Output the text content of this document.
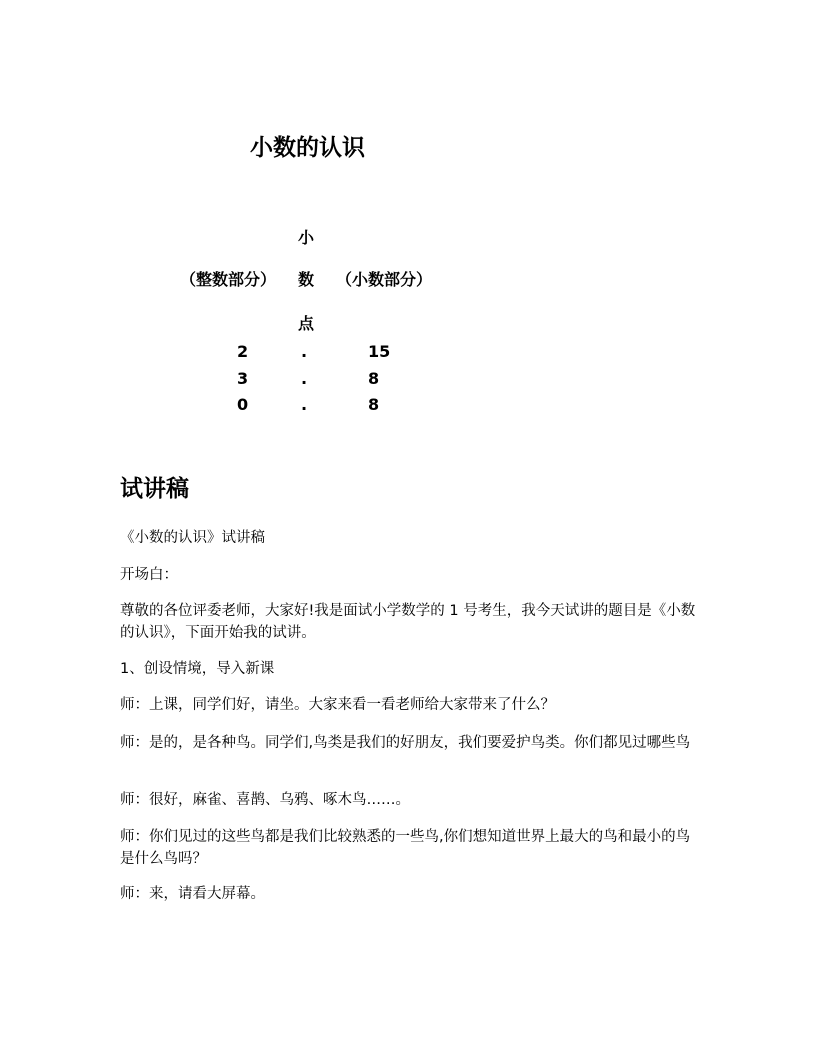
小数的认识
小
（整数部分） 数 （小数部分）
点
2	.	15
3	.	8
0	.	8
试讲稿
《小数的认识》试讲稿
开场白：
尊敬的各位评委老师，大家好!我是面试小学数学的 1 号考生，我今天试讲的题目是《小数的认识》，下面开始我的试讲。
1、创设情境，导入新课
师：上课，同学们好，请坐。大家来看一看老师给大家带来了什么？
师：是的，是各种鸟。同学们,鸟类是我们的好朋友，我们要爱护鸟类。你们都见过哪些鸟
师：很好，麻雀、喜鹊、乌鸦、啄木鸟……。
师：你们见过的这些鸟都是我们比较熟悉的一些鸟,你们想知道世界上最大的鸟和最小的鸟是什么鸟吗？
师：来，请看大屏幕。
